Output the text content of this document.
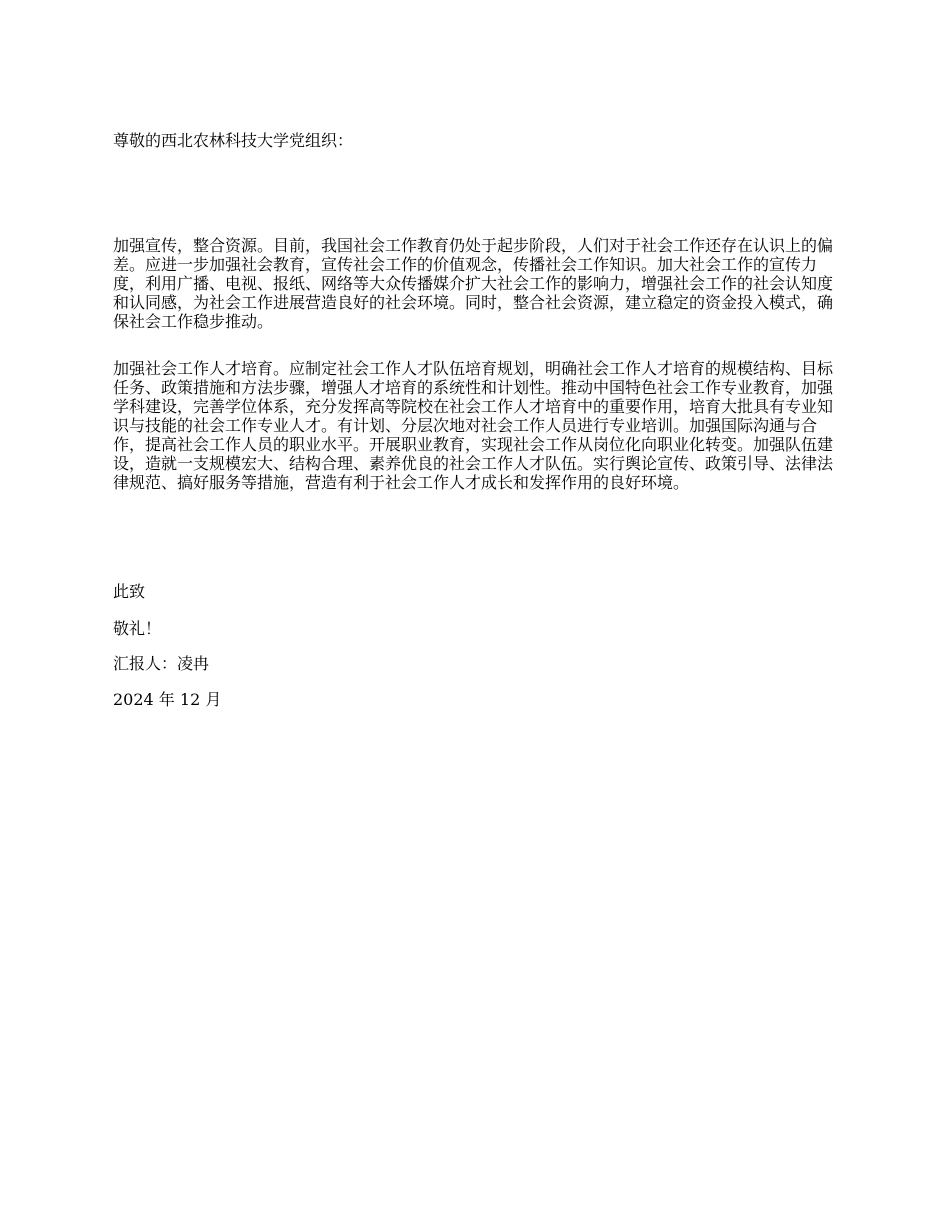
尊敬的西北农林科技大学党组织：

加强宣传，整合资源。目前，我国社会工作教育仍处于起步阶段，人们对于社会工作还存在认识上的偏差。应进一步加强社会教育，宣传社会工作的价值观念，传播社会工作知识。加大社会工作的宣传力度，利用广播、电视、报纸、网络等大众传播媒介扩大社会工作的影响力，增强社会工作的社会认知度和认同感，为社会工作进展营造良好的社会环境。同时，整合社会资源，建立稳定的资金投入模式，确保社会工作稳步推动。

加强社会工作人才培育。应制定社会工作人才队伍培育规划，明确社会工作人才培育的规模结构、目标任务、政策措施和方法步骤，增强人才培育的系统性和计划性。推动中国特色社会工作专业教育，加强学科建设，完善学位体系，充分发挥高等院校在社会工作人才培育中的重要作用，培育大批具有专业知识与技能的社会工作专业人才。有计划、分层次地对社会工作人员进行专业培训。加强国际沟通与合作，提高社会工作人员的职业水平。开展职业教育，实现社会工作从岗位化向职业化转变。加强队伍建设，造就一支规模宏大、结构合理、素养优良的社会工作人才队伍。实行舆论宣传、政策引导、法律法律规范、搞好服务等措施，营造有利于社会工作人才成长和发挥作用的良好环境。

此致

敬礼！

汇报人：凌冉

2024 年 12 月
